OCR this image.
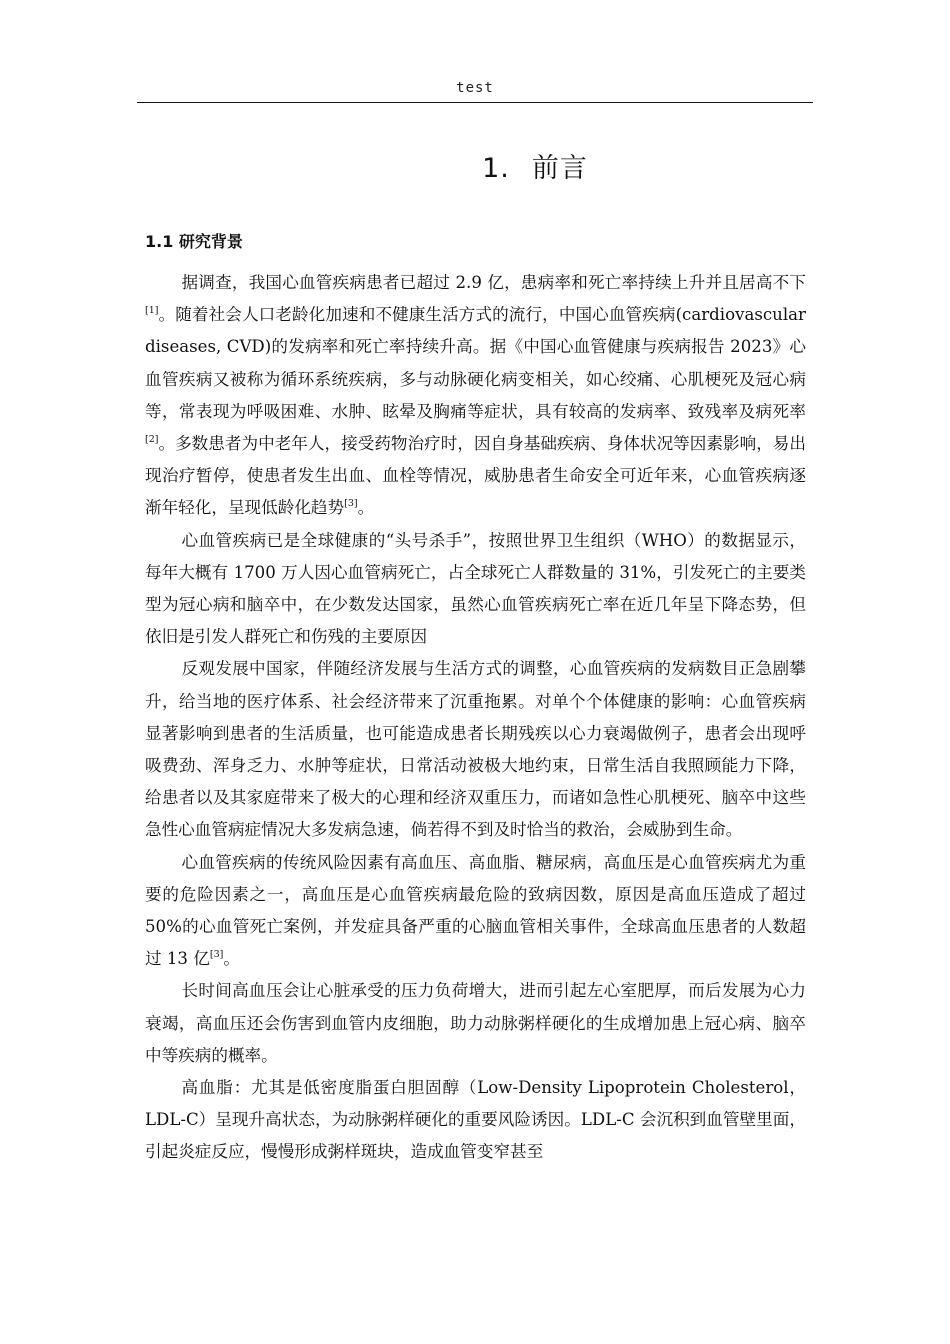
test
1. 前言
1.1 研究背景

据调查，我国心血管疾病患者已超过 2.9 亿，患病率和死亡率持续上升并且居高不下[1]。随着社会人口老龄化加速和不健康生活方式的流行，中国心血管疾病(cardiovascular diseases, CVD)的发病率和死亡率持续升高。据《中国心血管健康与疾病报告 2023》心血管疾病又被称为循环系统疾病，多与动脉硬化病变相关，如心绞痛、心肌梗死及冠心病等，常表现为呼吸困难、水肿、眩晕及胸痛等症状，具有较高的发病率、致残率及病死率[2]。多数患者为中老年人，接受药物治疗时，因自身基础疾病、身体状况等因素影响，易出现治疗暂停，使患者发生出血、血栓等情况，威胁患者生命安全可近年来，心血管疾病逐渐年轻化，呈现低龄化趋势[3]。

心血管疾病已是全球健康的“头号杀手”，按照世界卫生组织（WHO）的数据显示，每年大概有 1700 万人因心血管病死亡，占全球死亡人群数量的 31%，引发死亡的主要类型为冠心病和脑卒中，在少数发达国家，虽然心血管疾病死亡率在近几年呈下降态势，但依旧是引发人群死亡和伤残的主要原因

反观发展中国家，伴随经济发展与生活方式的调整，心血管疾病的发病数目正急剧攀升，给当地的医疗体系、社会经济带来了沉重拖累。对单个个体健康的影响：心血管疾病显著影响到患者的生活质量，也可能造成患者长期残疾以心力衰竭做例子，患者会出现呼吸费劲、浑身乏力、水肿等症状，日常活动被极大地约束，日常生活自我照顾能力下降，给患者以及其家庭带来了极大的心理和经济双重压力，而诸如急性心肌梗死、脑卒中这些急性心血管病症情况大多发病急速，倘若得不到及时恰当的救治，会威胁到生命。

心血管疾病的传统风险因素有高血压、高血脂、糖尿病，高血压是心血管疾病尤为重要的危险因素之一，高血压是心血管疾病最危险的致病因数，原因是高血压造成了超过 50%的心血管死亡案例，并发症具备严重的心脑血管相关事件，全球高血压患者的人数超过 13 亿[3]。

长时间高血压会让心脏承受的压力负荷增大，进而引起左心室肥厚，而后发展为心力衰竭，高血压还会伤害到血管内皮细胞，助力动脉粥样硬化的生成增加患上冠心病、脑卒中等疾病的概率。

高血脂：尤其是低密度脂蛋白胆固醇（Low-Density Lipoprotein Cholesterol，LDL-C）呈现升高状态，为动脉粥样硬化的重要风险诱因。LDL-C 会沉积到血管壁里面，引起炎症反应，慢慢形成粥样斑块，造成血管变窄甚至
